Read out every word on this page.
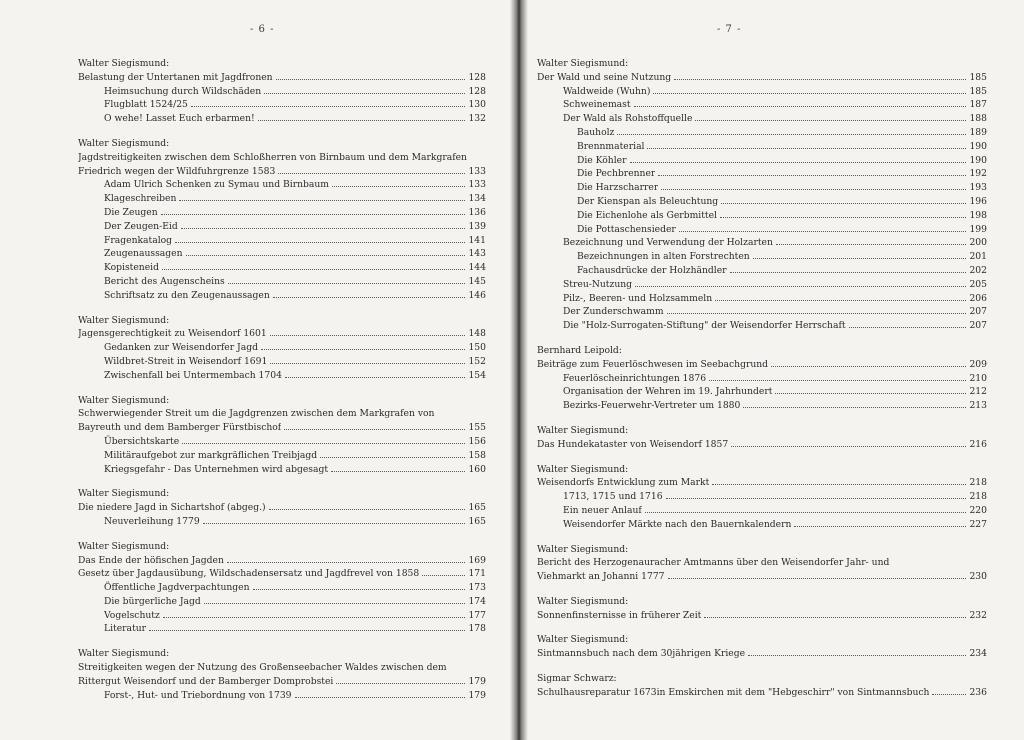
- 6 -
Walter Siegismund:
Belastung der Untertanen mit Jagdfronen	128
Heimsuchung durch Wildschäden	128
Flugblatt 1524/25	130
O wehe! Lasset Euch erbarmen!	132
Walter Siegismund:
Jagdstreitigkeiten zwischen dem Schloßherren von Birnbaum und dem Markgrafen
Friedrich wegen der Wildfuhrgrenze 1583	133
Adam Ulrich Schenken zu Symau und Birnbaum	133
Klageschreiben	134
Die Zeugen	136
Der Zeugen-Eid	139
Fragenkatalog	141
Zeugenaussagen	143
Kopisteneid	144
Bericht des Augenscheins	145
Schriftsatz zu den Zeugenaussagen	146
Walter Siegismund:
Jagensgerechtigkeit zu Weisendorf 1601	148
Gedanken zur Weisendorfer Jagd	150
Wildbret-Streit in Weisendorf 1691	152
Zwischenfall bei Untermembach 1704	154
Walter Siegismund:
Schwerwiegender Streit um die Jagdgrenzen zwischen dem Markgrafen von
Bayreuth und dem Bamberger Fürstbischof	155
Übersichtskarte	156
Militäraufgebot zur markgräflichen Treibjagd	158
Kriegsgefahr - Das Unternehmen wird abgesagt	160
Walter Siegismund:
Die niedere Jagd in Sichartshof (abgeg.)	165
Neuverleihung 1779	165
Walter Siegismund:
Das Ende der höfischen Jagden	169
Gesetz über Jagdausübung, Wildschadensersatz und Jagdfrevel von 1858	171
Öffentliche Jagdverpachtungen	173
Die bürgerliche Jagd	174
Vogelschutz	177
Literatur	178
Walter Siegismund:
Streitigkeiten wegen der Nutzung des Großenseebacher Waldes zwischen dem
Rittergut Weisendorf und der Bamberger Domprobstei	179
Forst-, Hut- und Triebordnung von 1739	179
- 7 -
Walter Siegismund:
Der Wald und seine Nutzung	185
Waldweide (Wuhn)	185
Schweinemast	187
Der Wald als Rohstoffquelle	188
Bauholz	189
Brennmaterial	190
Die Köhler	190
Die Pechbrenner	192
Die Harzscharrer	193
Der Kienspan als Beleuchtung	196
Die Eichenlohe als Gerbmittel	198
Die Pottaschensieder	199
Bezeichnung und Verwendung der Holzarten	200
Bezeichnungen in alten Forstrechten	201
Fachausdrücke der Holzhändler	202
Streu-Nutzung	205
Pilz-, Beeren- und Holzsammeln	206
Der Zunderschwamm	207
Die "Holz-Surrogaten-Stiftung" der Weisendorfer Herrschaft	207
Bernhard Leipold:
Beiträge zum Feuerlöschwesen im Seebachgrund	209
Feuerlöscheinrichtungen 1876	210
Organisation der Wehren im 19. Jahrhundert	212
Bezirks-Feuerwehr-Vertreter um 1880	213
Walter Siegismund:
Das Hundekataster von Weisendorf 1857	216
Walter Siegismund:
Weisendorfs Entwicklung zum Markt	218
1713, 1715 und 1716	218
Ein neuer Anlauf	220
Weisendorfer Märkte nach den Bauernkalendern	227
Walter Siegismund:
Bericht des Herzogenauracher Amtmanns über den Weisendorfer Jahr- und
Viehmarkt an Johanni 1777	230
Walter Siegismund:
Sonnenfinsternisse in früherer Zeit	232
Walter Siegismund:
Sintmannsbuch nach dem 30jährigen Kriege	234
Sigmar Schwarz:
Schulhausreparatur 1673in Emskirchen mit dem "Hebgeschirr" von Sintmannsbuch	236
